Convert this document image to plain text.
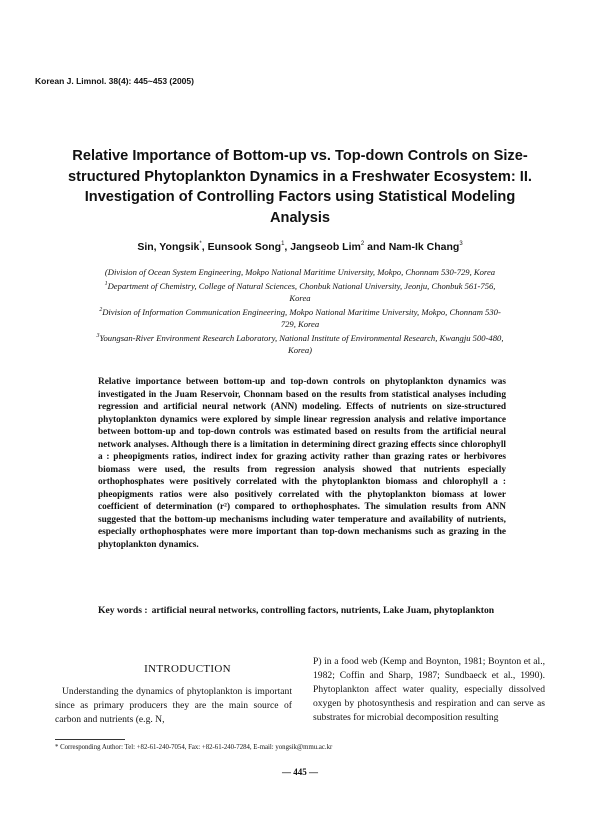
Korean J. Limnol. 38(4): 445~453 (2005)
Relative Importance of Bottom-up vs. Top-down Controls on Size-structured Phytoplankton Dynamics in a Freshwater Ecosystem: II. Investigation of Controlling Factors using Statistical Modeling Analysis
Sin, Yongsik*, Eunsook Song$^1$, Jangseob Lim$^2$ and Nam-Ik Chang$^3$
(Division of Ocean System Engineering, Mokpo National Maritime University, Mokpo, Chonnam 530-729, Korea
$^1$Department of Chemistry, College of Natural Sciences, Chonbuk National University, Jeonju, Chonbuk 561-756, Korea
$^2$Division of Information Communication Engineering, Mokpo National Maritime University, Mokpo, Chonnam 530-729, Korea
$^3$Youngsan-River Environment Research Laboratory, National Institute of Environmental Research, Kwangju 500-480, Korea)
Relative importance between bottom-up and top-down controls on phytoplankton dynamics was investigated in the Juam Reservoir, Chonnam based on the results from statistical analyses including regression and artificial neural network (ANN) modeling. Effects of nutrients on size-structured phytoplankton dynamics were explored by simple linear regression analysis and relative importance between bottom-up and top-down controls was estimated based on results from the artificial neural network analyses. Although there is a limitation in determining direct grazing effects since chlorophyll a : pheopigments ratios, indirect index for grazing activity rather than grazing rates or herbivores biomass were used, the results from regression analysis showed that nutrients especially orthophosphates were positively correlated with the phytoplankton biomass and chlorophyll a : pheopigments ratios were also positively correlated with the phytoplankton biomass at lower coefficient of determination (r²) compared to orthophosphates. The simulation results from ANN suggested that the bottom-up mechanisms including water temperature and availability of nutrients, especially orthophosphates were more important than top-down mechanisms such as grazing in the phytoplankton dynamics.
Key words : artificial neural networks, controlling factors, nutrients, Lake Juam, phytoplankton
INTRODUCTION

Understanding the dynamics of phytoplankton is important since as primary producers they are the main source of carbon and nutrients (e.g. N,

P) in a food web (Kemp and Boynton, 1981; Boynton et al., 1982; Coffin and Sharp, 1987; Sundbaeck et al., 1990). Phytoplankton affect water quality, especially dissolved oxygen by photosynthesis and respiration and can serve as substrates for microbial decomposition resulting

* Corresponding Author: Tel: +82-61-240-7054, Fax: +82-61-240-7284, E-mail: yongsik@mmu.ac.kr
— 445 —
